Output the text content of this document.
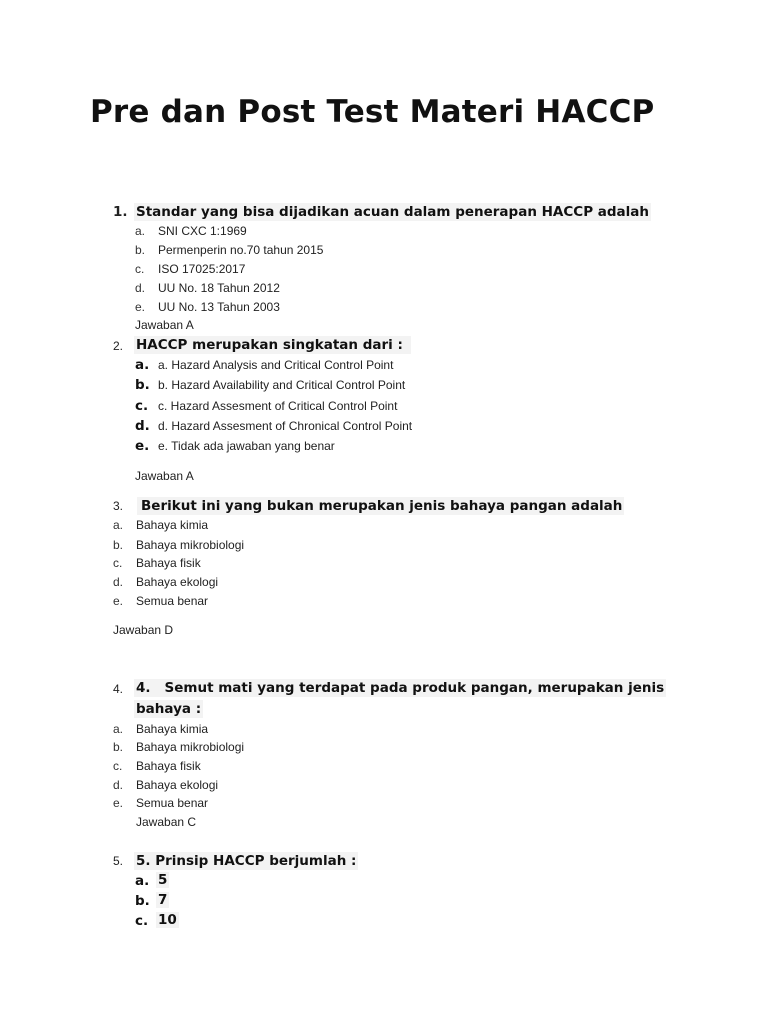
Pre dan Post Test Materi HACCP
1. Standar yang bisa dijadikan acuan dalam penerapan HACCP adalah
a. SNI CXC 1:1969
b. Permenperin no.70 tahun 2015
c. ISO 17025:2017
d. UU No. 18 Tahun 2012
e. UU No. 13 Tahun 2003
Jawaban A
2. HACCP merupakan singkatan dari :
a. a. Hazard Analysis and Critical Control Point
b. b. Hazard Availability and Critical Control Point
c. c. Hazard Assesment of Critical Control Point
d. d. Hazard Assesment of Chronical Control Point
e. e. Tidak ada jawaban yang benar
Jawaban A
3. Berikut ini yang bukan merupakan jenis bahaya pangan adalah
a. Bahaya kimia
b. Bahaya mikrobiologi
c. Bahaya fisik
d. Bahaya ekologi
e. Semua benar
Jawaban D
4. 4. Semut mati yang terdapat pada produk pangan, merupakan jenis
bahaya :
a. Bahaya kimia
b. Bahaya mikrobiologi
c. Bahaya fisik
d. Bahaya ekologi
e. Semua benar
Jawaban C
5. 5. Prinsip HACCP berjumlah :
a. 5
b. 7
c. 10
